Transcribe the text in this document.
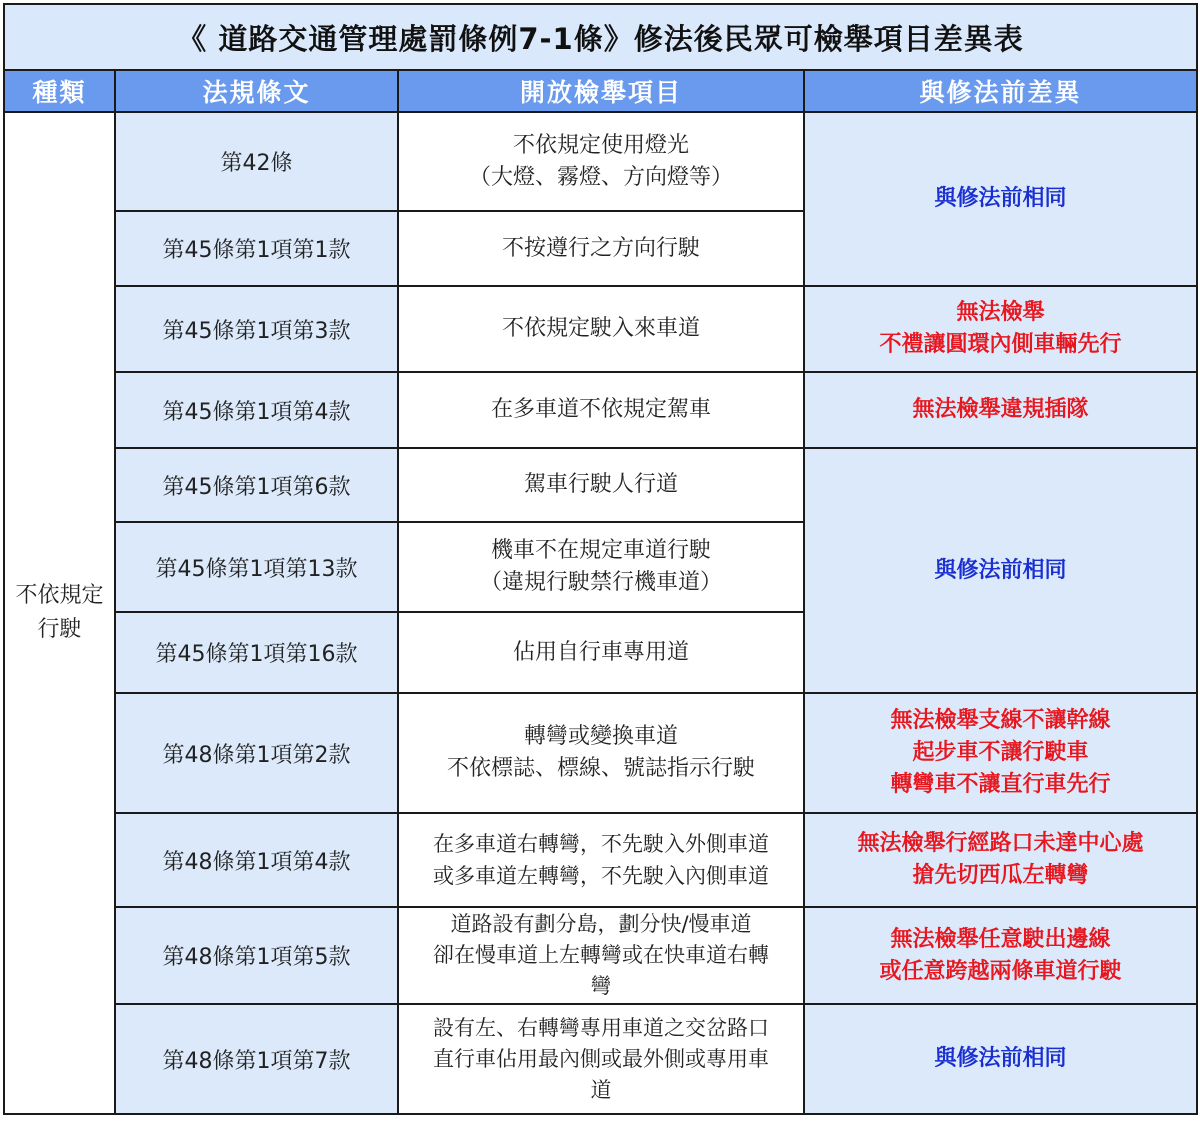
《 道路交通管理處罰條例7-1條》修法後民眾可檢舉項目差異表			
種類	法規條文	開放檢舉項目	與修法前差異

不依規定
行駛	第42條	不依規定使用燈光
（大燈、霧燈、方向燈等）	與修法前相同

	第45條第1項第1款	不按遵行之方向行駛	

	第45條第1項第3款	不依規定駛入來車道	無法檢舉
不禮讓圓環內側車輛先行

	第45條第1項第4款	在多車道不依規定駕車	無法檢舉違規插隊

	第45條第1項第6款	駕車行駛人行道	與修法前相同

	第45條第1項第13款	機車不在規定車道行駛
（違規行駛禁行機車道）	

	第45條第1項第16款	佔用自行車專用道	

	第48條第1項第2款	轉彎或變換車道
不依標誌、標線、號誌指示行駛	無法檢舉支線不讓幹線
起步車不讓行駛車
轉彎車不讓直行車先行

	第48條第1項第4款	在多車道右轉彎，不先駛入外側車道
或多車道左轉彎，不先駛入內側車道	無法檢舉行經路口未達中心處
搶先切西瓜左轉彎

	第48條第1項第5款	道路設有劃分島，劃分快/慢車道
卻在慢車道上左轉彎或在快車道右轉
彎	無法檢舉任意駛出邊線
或任意跨越兩條車道行駛

	第48條第1項第7款	設有左、右轉彎專用車道之交岔路口
直行車佔用最內側或最外側或專用車
道	與修法前相同
